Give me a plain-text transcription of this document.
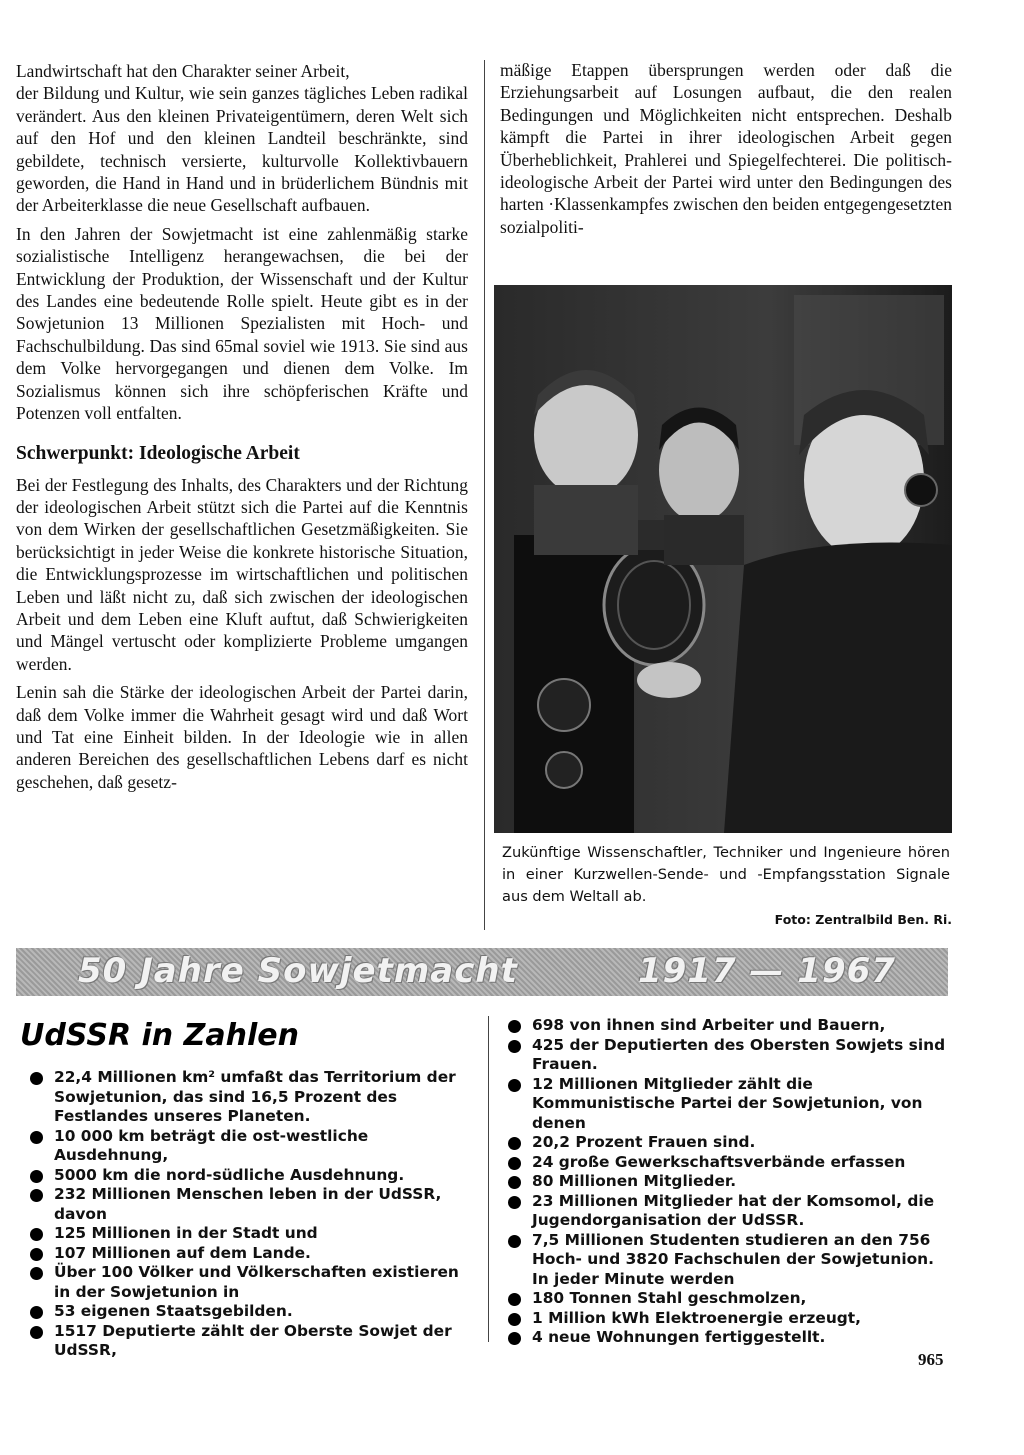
Landwirtschaft hat den Charakter seiner Arbeit,
der Bildung und Kultur, wie sein ganzes tägliches Leben radikal verändert. Aus den kleinen Privateigentümern, deren Welt sich auf den Hof und den kleinen Landteil beschränkte, sind gebildete, technisch versierte, kulturvolle Kollektivbauern geworden, die Hand in Hand und in brüderlichem Bündnis mit der Arbeiterklasse die neue Gesellschaft aufbauen.

In den Jahren der Sowjetmacht ist eine zahlenmäßig starke sozialistische Intelligenz herangewachsen, die bei der Entwicklung der Produktion, der Wissenschaft und der Kultur des Landes eine bedeutende Rolle spielt. Heute gibt es in der Sowjetunion 13 Millionen Spezialisten mit Hoch- und Fachschulbildung. Das sind 65mal soviel wie 1913. Sie sind aus dem Volke hervorgegangen und dienen dem Volke. Im Sozialismus können sich ihre schöpferischen Kräfte und Potenzen voll entfalten.

Schwerpunkt: Ideologische Arbeit

Bei der Festlegung des Inhalts, des Charakters und der Richtung der ideologischen Arbeit stützt sich die Partei auf die Kenntnis von dem Wirken der gesellschaftlichen Gesetzmäßigkeiten. Sie berücksichtigt in jeder Weise die konkrete historische Situation, die Entwicklungsprozesse im wirtschaftlichen und politischen Leben und läßt nicht zu, daß sich zwischen der ideologischen Arbeit und dem Leben eine Kluft auftut, daß Schwierigkeiten und Mängel vertuscht oder komplizierte Probleme umgangen werden.

Lenin sah die Stärke der ideologischen Arbeit der Partei darin, daß dem Volke immer die Wahrheit gesagt wird und daß Wort und Tat eine Einheit bilden. In der Ideologie wie in allen anderen Bereichen des gesellschaftlichen Lebens darf es nicht geschehen, daß gesetz-

mäßige Etappen übersprungen werden oder daß die Erziehungsarbeit auf Losungen aufbaut, die den realen Bedingungen und Möglichkeiten nicht entsprechen. Deshalb kämpft die Partei in ihrer ideologischen Arbeit gegen Überheblichkeit, Prahlerei und Spiegelfechterei. Die politisch-ideologische Arbeit der Partei wird unter den Bedingungen des harten ·Klassenkampfes zwischen den beiden entgegengesetzten sozialpoliti-

Zukünftige Wissenschaftler, Techniker und Ingenieure hören in einer Kurzwellen-Sende- und -Empfangsstation Signale aus dem Weltall ab.
Foto: Zentralbild Ben. Ri.
50 Jahre Sowjetmacht	1917 — 1967
UdSSR in Zahlen
22,4 Millionen km² umfaßt das Territorium der Sowjetunion, das sind 16,5 Prozent des Festlandes unseres Planeten.
10 000 km beträgt die ost-westliche Ausdehnung,
5000 km die nord-südliche Ausdehnung.
232 Millionen Menschen leben in der UdSSR,
davon
125 Millionen in der Stadt und
107 Millionen auf dem Lande.
Über 100 Völker und Völkerschaften existieren in der Sowjetunion in
53 eigenen Staatsgebilden.
1517 Deputierte zählt der Oberste Sowjet der UdSSR,
698 von ihnen sind Arbeiter und Bauern,
425 der Deputierten des Obersten Sowjets sind Frauen.
12 Millionen Mitglieder zählt die Kommunistische Partei der Sowjetunion, von denen
20,2 Prozent Frauen sind.
24 große Gewerkschaftsverbände erfassen
80 Millionen Mitglieder.
23 Millionen Mitglieder hat der Komsomol, die Jugendorganisation der UdSSR.
7,5 Millionen Studenten studieren an den 756 Hoch- und 3820 Fachschulen der Sowjetunion.
In jeder Minute werden
180 Tonnen Stahl geschmolzen,
1 Million kWh Elektroenergie erzeugt,
4 neue Wohnungen fertiggestellt.
965
